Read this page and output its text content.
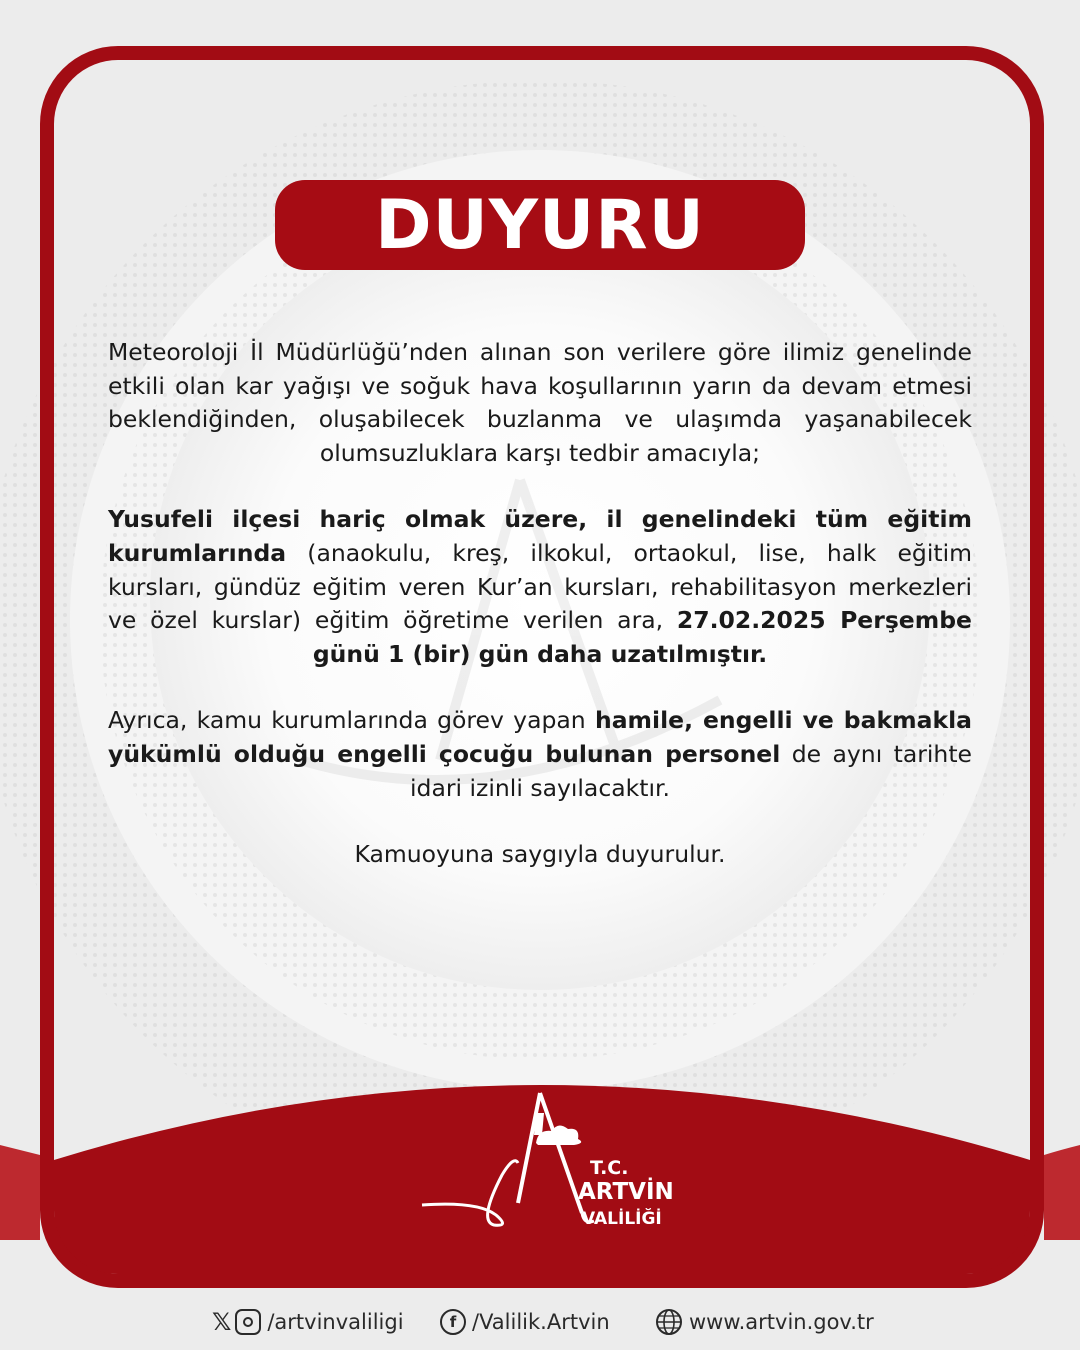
DUYURU

Meteoroloji İl Müdürlüğü’nden alınan son verilere göre ilimiz genelinde etkili olan kar yağışı ve soğuk hava koşullarının yarın da devam etmesi beklendiğinden, oluşabilecek buzlanma ve ulaşımda yaşanabilecek olumsuzluklara karşı tedbir amacıyla;

Yusufeli ilçesi hariç olmak üzere, il genelindeki tüm eğitim kurumlarında (anaokulu, kreş, ilkokul, ortaokul, lise, halk eğitim kursları, gündüz eğitim veren Kur’an kursları, rehabilitasyon merkezleri ve özel kurslar) eğitim öğretime verilen ara, 27.02.2025 Perşembe günü 1 (bir) gün daha uzatılmıştır.

Ayrıca, kamu kurumlarında görev yapan hamile, engelli ve bakmakla yükümlü olduğu engelli çocuğu bulunan personel de aynı tarihte idari izinli sayılacaktır.

Kamuoyuna saygıyla duyurulur.

T.C.
ARTVİN
VALİLİĞİ
𝕏 /artvinvaliligi	f /Valilik.Artvin	www.artvin.gov.tr
